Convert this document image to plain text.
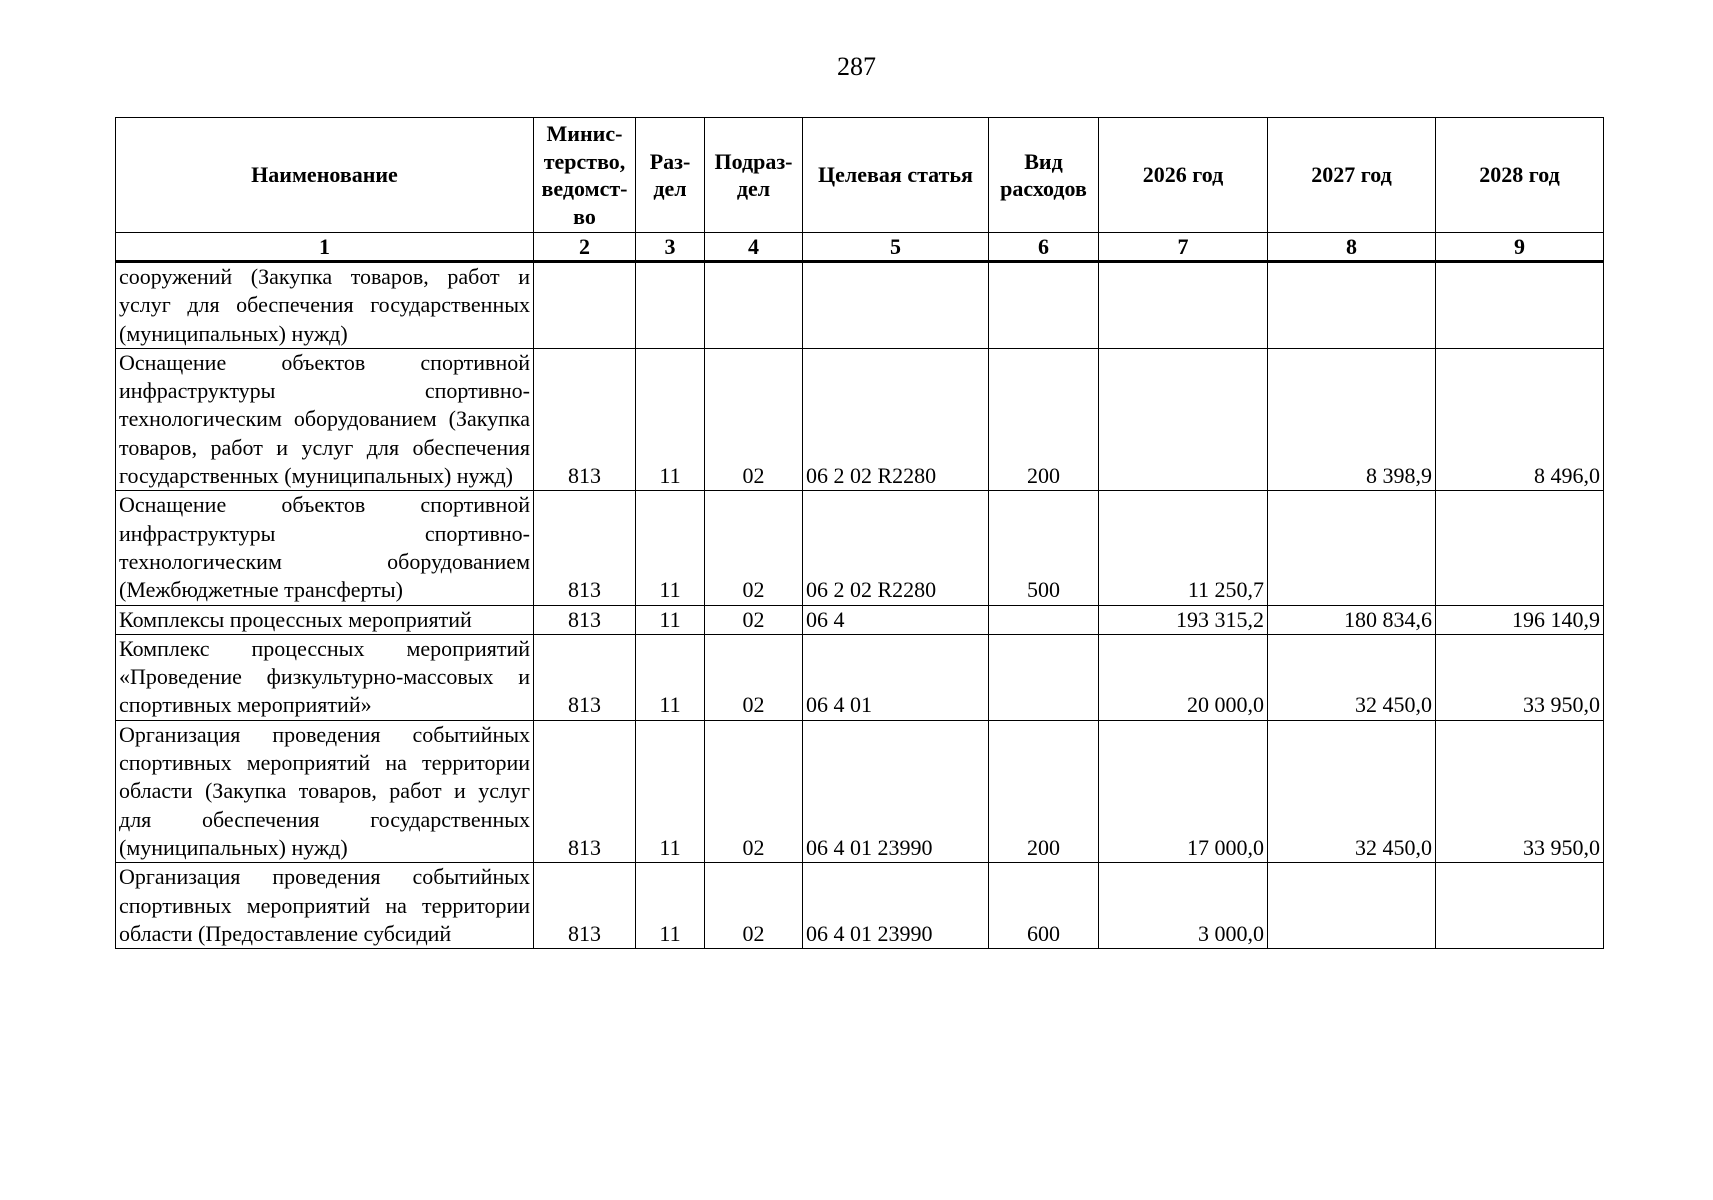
287
Наименование	Минис-терство, ведомст-во	Раз-дел	Подраз-дел	Целевая статья	Вид расходов	2026 год	2027 год	2028 год
1	2	3	4	5	6	7	8	9
сооружений (Закупка товаров, работ и услуг для обеспечения государственных (муниципальных) нужд)								
Оснащение объектов спортивной инфраструктуры спортивно-технологическим оборудованием (Закупка товаров, работ и услуг для обеспечения государственных (муниципальных) нужд)	813	11	02	06 2 02 R2280	200		8 398,9	8 496,0
Оснащение объектов спортивной инфраструктуры спортивно-технологическим оборудованием (Межбюджетные трансферты)	813	11	02	06 2 02 R2280	500	11 250,7		
Комплексы процессных мероприятий	813	11	02	06 4		193 315,2	180 834,6	196 140,9
Комплекс процессных мероприятий «Проведение физкультурно-массовых и спортивных мероприятий»	813	11	02	06 4 01		20 000,0	32 450,0	33 950,0
Организация проведения событийных спортивных мероприятий на территории области (Закупка товаров, работ и услуг для обеспечения государственных (муниципальных) нужд)	813	11	02	06 4 01 23990	200	17 000,0	32 450,0	33 950,0
Организация проведения событийных спортивных мероприятий на территории области (Предоставление субсидий	813	11	02	06 4 01 23990	600	3 000,0		
